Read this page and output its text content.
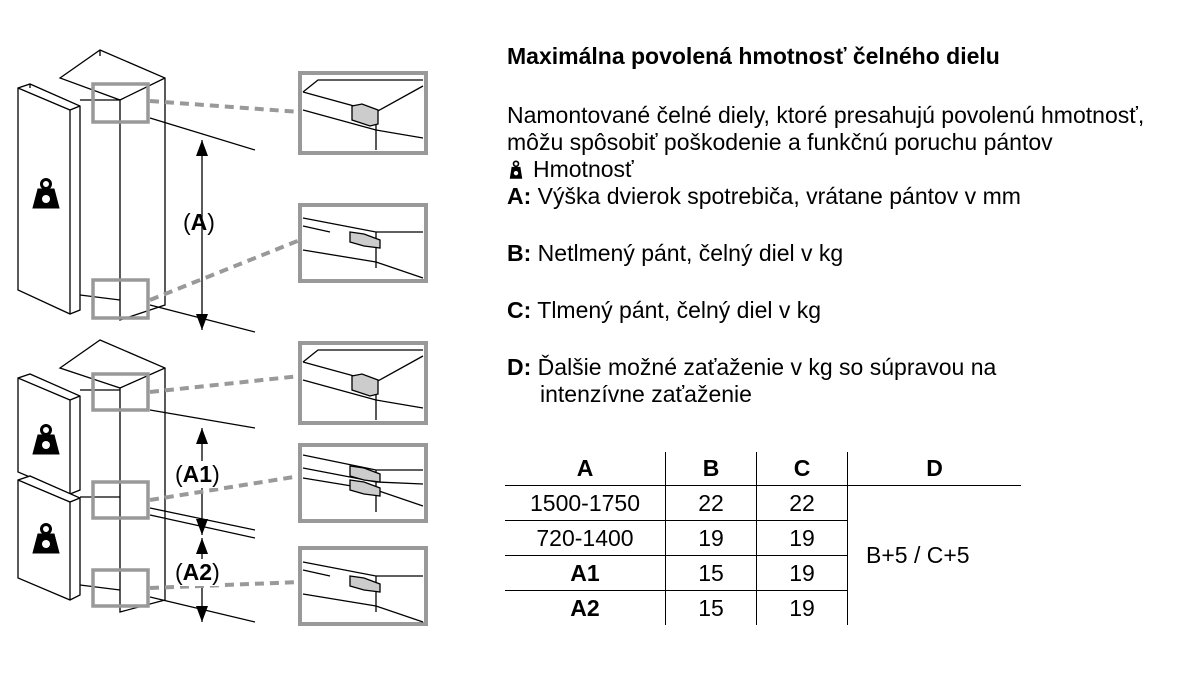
(A)
(A1)
(A2)
Maximálna povolená hmotnosť čelného dielu
Namontované čelné diely, ktoré presahujú povolenú hmotnosť, môžu spôsobiť poškodenie a funkčnú poruchu pántov
Hmotnosť
A: Výška dvierok spotrebiča, vrátane pántov v mm
B: Netlmený pánt, čelný diel v kg
C: Tlmený pánt, čelný diel v kg
D: Ďalšie možné zaťaženie v kg so súpravou na
intenzívne zaťaženie
A	B	C	D
1500-1750	22	22	B+5 / C+5
720-1400	19	19	
A1	15	19	
A2	15	19	
